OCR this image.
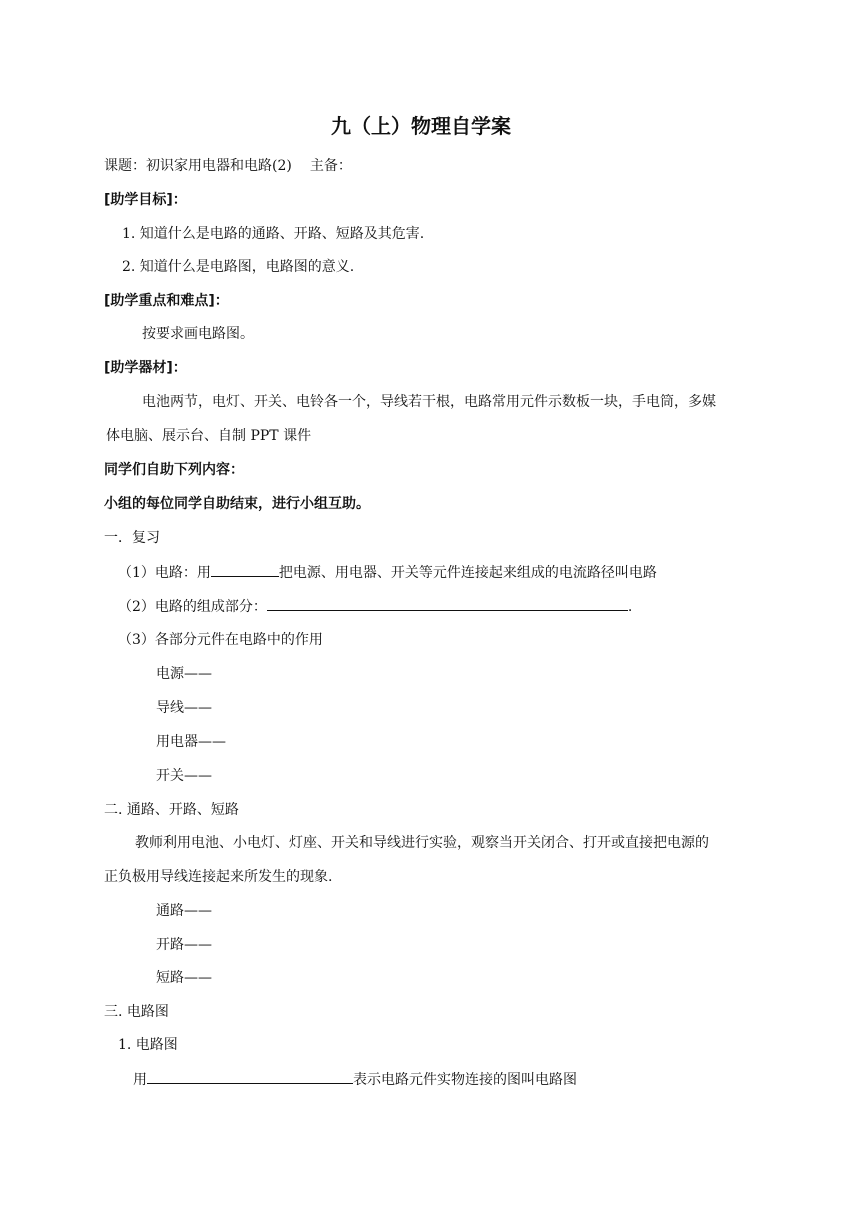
九（上）物理自学案
课题：初识家用电器和电路(2) 主备：
[助学目标]：
1. 知道什么是电路的通路、开路、短路及其危害.
2. 知道什么是电路图，电路图的意义.
[助学重点和难点]：
按要求画电路图。
[助学器材]：
电池两节，电灯、开关、电铃各一个，导线若干根，电路常用元件示数板一块，手电筒，多媒
体电脑、展示台、自制 PPT 课件
同学们自助下列内容：
小组的每位同学自助结束，进行小组互助。
一．复习
（1）电路：用	把电源、用电器、开关等元件连接起来组成的电流路径叫电路
（2）电路的组成部分：	.
（3）各部分元件在电路中的作用
电源——
导线——
用电器——
开关——
二. 通路、开路、短路
教师利用电池、小电灯、灯座、开关和导线进行实验，观察当开关闭合、打开或直接把电源的
正负极用导线连接起来所发生的现象.
通路——
开路——
短路——
三. 电路图
1. 电路图
用	表示电路元件实物连接的图叫电路图
